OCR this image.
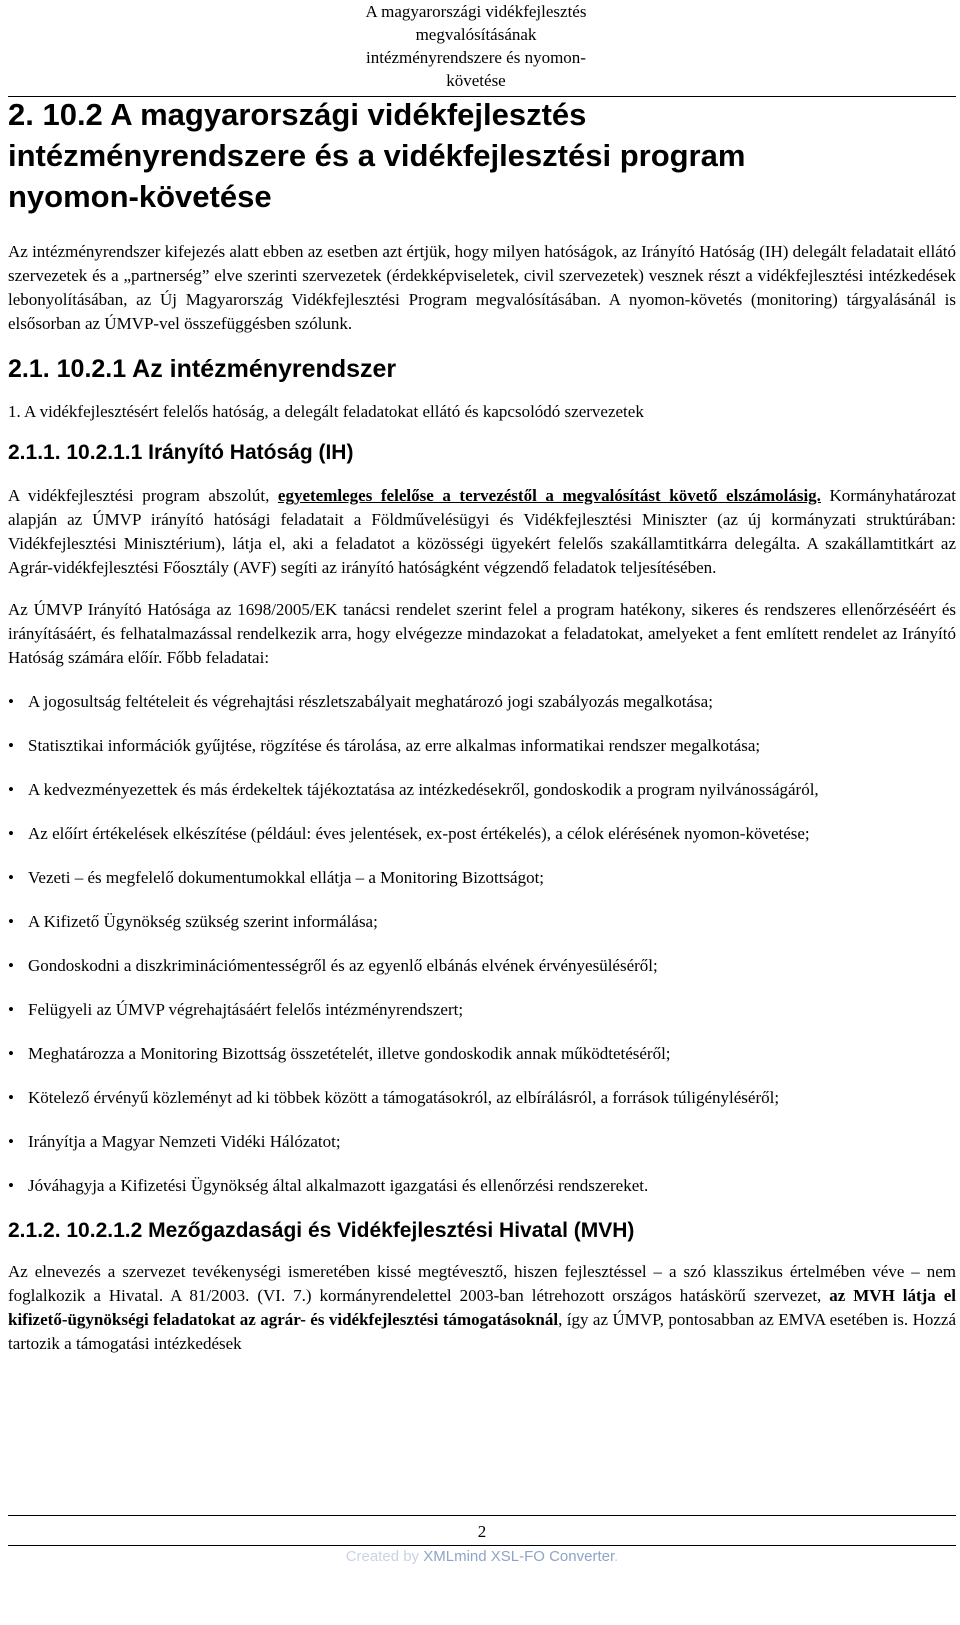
A magyarországi vidékfejlesztés
megvalósításának
intézményrendszere és nyomon-
követése
2. 10.2 A magyarországi vidékfejlesztés
intézményrendszere és a vidékfejlesztési program
nyomon-követése

Az intézményrendszer kifejezés alatt ebben az esetben azt értjük, hogy milyen hatóságok, az Irányító Hatóság (IH) delegált feladatait ellátó szervezetek és a „partnerség” elve szerinti szervezetek (érdekképviseletek, civil szervezetek) vesznek részt a vidékfejlesztési intézkedések lebonyolításában, az Új Magyarország Vidékfejlesztési Program megvalósításában. A nyomon-követés (monitoring) tárgyalásánál is elsősorban az ÚMVP-vel összefüggésben szólunk.

2.1. 10.2.1 Az intézményrendszer

1. A vidékfejlesztésért felelős hatóság, a delegált feladatokat ellátó és kapcsolódó szervezetek

2.1.1. 10.2.1.1 Irányító Hatóság (IH)

A vidékfejlesztési program abszolút, egyetemleges felelőse a tervezéstől a megvalósítást követő elszámolásig. Kormányhatározat alapján az ÚMVP irányító hatósági feladatait a Földművelésügyi és Vidékfejlesztési Miniszter (az új kormányzati struktúrában: Vidékfejlesztési Minisztérium), látja el, aki a feladatot a közösségi ügyekért felelős szakállamtitkárra delegálta. A szakállamtitkárt az Agrár-vidékfejlesztési Főosztály (AVF) segíti az irányító hatóságként végzendő feladatok teljesítésében.

Az ÚMVP Irányító Hatósága az 1698/2005/EK tanácsi rendelet szerint felel a program hatékony, sikeres és rendszeres ellenőrzéséért és irányításáért, és felhatalmazással rendelkezik arra, hogy elvégezze mindazokat a feladatokat, amelyeket a fent említett rendelet az Irányító Hatóság számára előír. Főbb feladatai:

• A jogosultság feltételeit és végrehajtási részletszabályait meghatározó jogi szabályozás megalkotása;
• Statisztikai információk gyűjtése, rögzítése és tárolása, az erre alkalmas informatikai rendszer megalkotása;
• A kedvezményezettek és más érdekeltek tájékoztatása az intézkedésekről, gondoskodik a program nyilvánosságáról,
• Az előírt értékelések elkészítése (például: éves jelentések, ex-post értékelés), a célok elérésének nyomon-követése;
• Vezeti – és megfelelő dokumentumokkal ellátja – a Monitoring Bizottságot;
• A Kifizető Ügynökség szükség szerint informálása;
• Gondoskodni a diszkriminációmentességről és az egyenlő elbánás elvének érvényesüléséről;
• Felügyeli az ÚMVP végrehajtásáért felelős intézményrendszert;
• Meghatározza a Monitoring Bizottság összetételét, illetve gondoskodik annak működtetéséről;
• Kötelező érvényű közleményt ad ki többek között a támogatásokról, az elbírálásról, a források túligényléséről;
• Irányítja a Magyar Nemzeti Vidéki Hálózatot;
• Jóváhagyja a Kifizetési Ügynökség által alkalmazott igazgatási és ellenőrzési rendszereket.
2.1.2. 10.2.1.2 Mezőgazdasági és Vidékfejlesztési Hivatal (MVH)

Az elnevezés a szervezet tevékenységi ismeretében kissé megtévesztő, hiszen fejlesztéssel – a szó klasszikus értelmében véve – nem foglalkozik a Hivatal. A 81/2003. (VI. 7.) kormányrendelettel 2003-ban létrehozott országos hatáskörű szervezet, az MVH látja el kifizető-ügynökségi feladatokat az agrár- és vidékfejlesztési támogatásoknál, így az ÚMVP, pontosabban az EMVA esetében is. Hozzá tartozik a támogatási intézkedések

2
Created by XMLmind XSL-FO Converter.
